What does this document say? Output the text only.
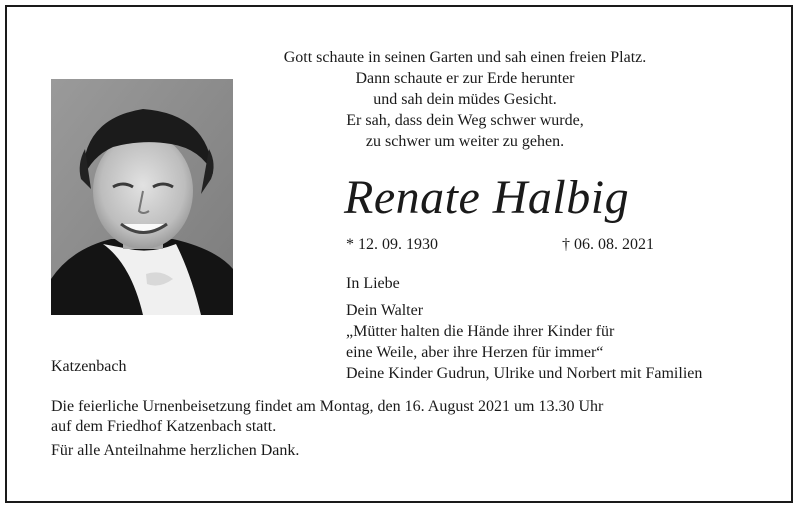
Gott schaute in seinen Garten und sah einen freien Platz.
Dann schaute er zur Erde herunter
und sah dein müdes Gesicht.
Er sah, dass dein Weg schwer wurde,
zu schwer um weiter zu gehen.
Renate Halbig
* 12. 09. 1930	† 06. 08. 2021
In Liebe
Dein Walter
„Mütter halten die Hände ihrer Kinder für
eine Weile, aber ihre Herzen für immer“
Deine Kinder Gudrun, Ulrike und Norbert mit Familien
Katzenbach
Die feierliche Urnenbeisetzung findet am Montag, den 16. August 2021 um 13.30 Uhr
auf dem Friedhof Katzenbach statt.
Für alle Anteilnahme herzlichen Dank.
